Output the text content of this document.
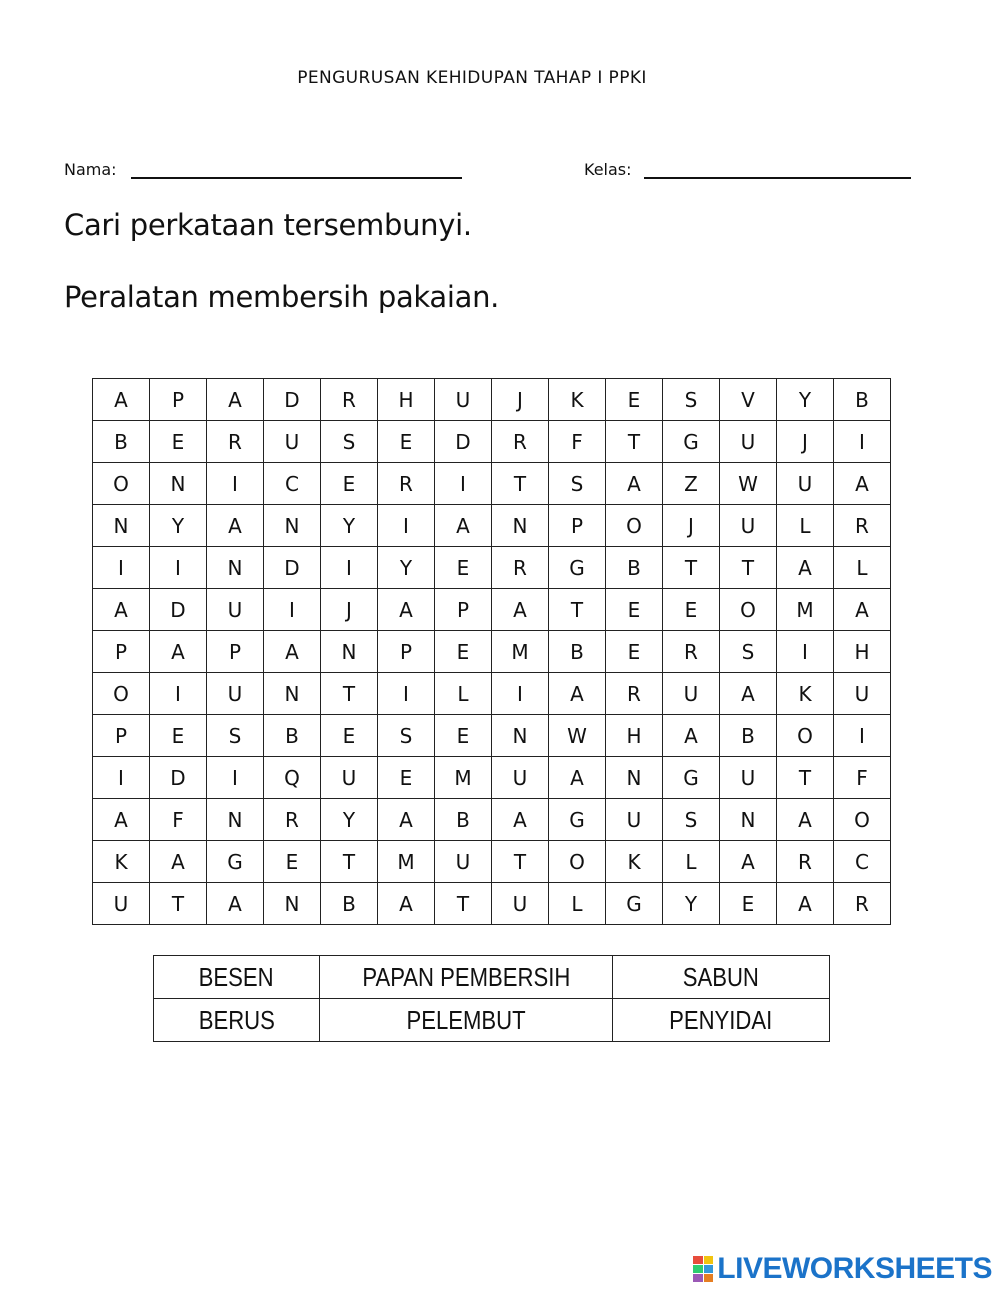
PENGURUSAN KEHIDUPAN TAHAP I PPKI
Nama:	Kelas:
Cari perkataan tersembunyi.
Peralatan membersih pakaian.
A	P	A	D	R	H	U	J	K	E	S	V	Y	B
B	E	R	U	S	E	D	R	F	T	G	U	J	I
O	N	I	C	E	R	I	T	S	A	Z	W	U	A
N	Y	A	N	Y	I	A	N	P	O	J	U	L	R
I	I	N	D	I	Y	E	R	G	B	T	T	A	L
A	D	U	I	J	A	P	A	T	E	E	O	M	A
P	A	P	A	N	P	E	M	B	E	R	S	I	H
O	I	U	N	T	I	L	I	A	R	U	A	K	U
P	E	S	B	E	S	E	N	W	H	A	B	O	I
I	D	I	Q	U	E	M	U	A	N	G	U	T	F
A	F	N	R	Y	A	B	A	G	U	S	N	A	O
K	A	G	E	T	M	U	T	O	K	L	A	R	C
U	T	A	N	B	A	T	U	L	G	Y	E	A	R
BESEN	PAPAN PEMBERSIH	SABUN
BERUS	PELEMBUT	PENYIDAI
LIVEWORKSHEETS
